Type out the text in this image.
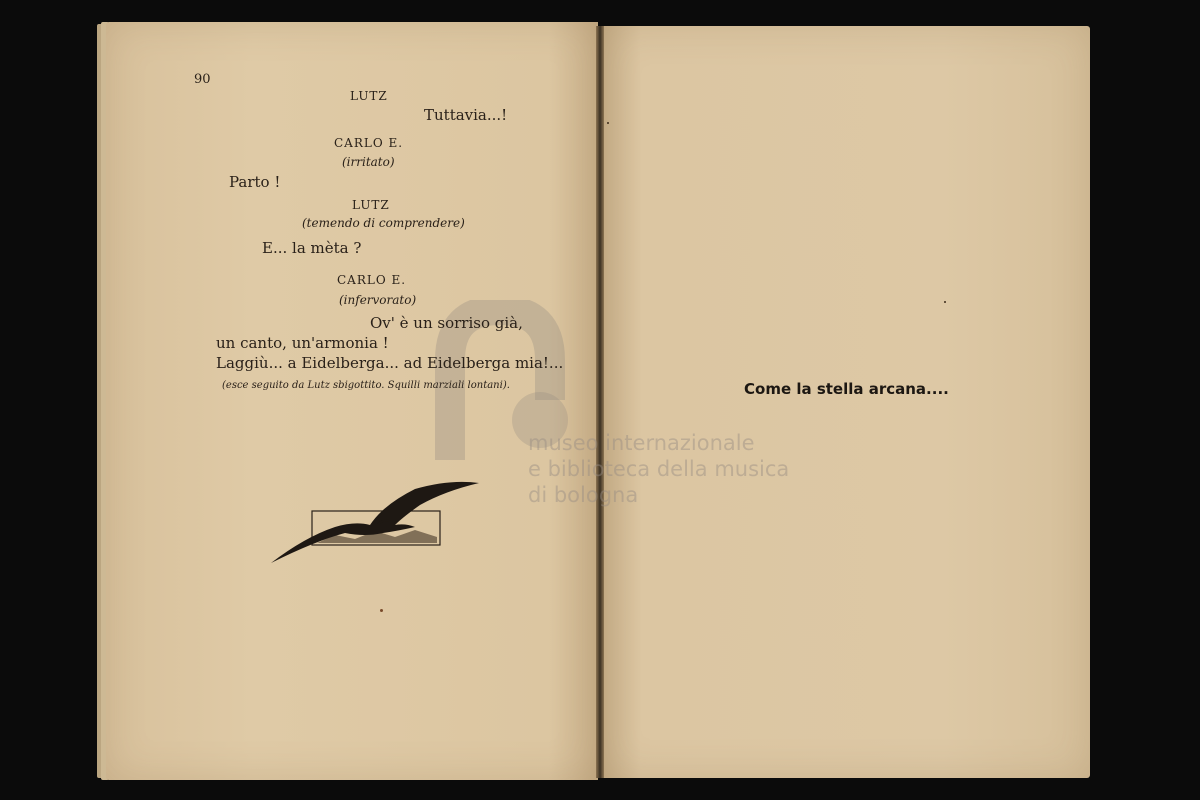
90
LUTZ
Tuttavia...!
CARLO E.
(irritato)
Parto !
LUTZ
(temendo di comprendere)
E... la mèta ?
CARLO E.
(infervorato)
Ov' è un sorriso già,
un canto, un'armonia !
Laggiù... a Eidelberga... ad Eidelberga mia!...
(esce seguito da Lutz sbigottito. Squilli marziali lontani).	Come la stella arcana....
museo internazionale
e biblioteca della musica
di bologna
